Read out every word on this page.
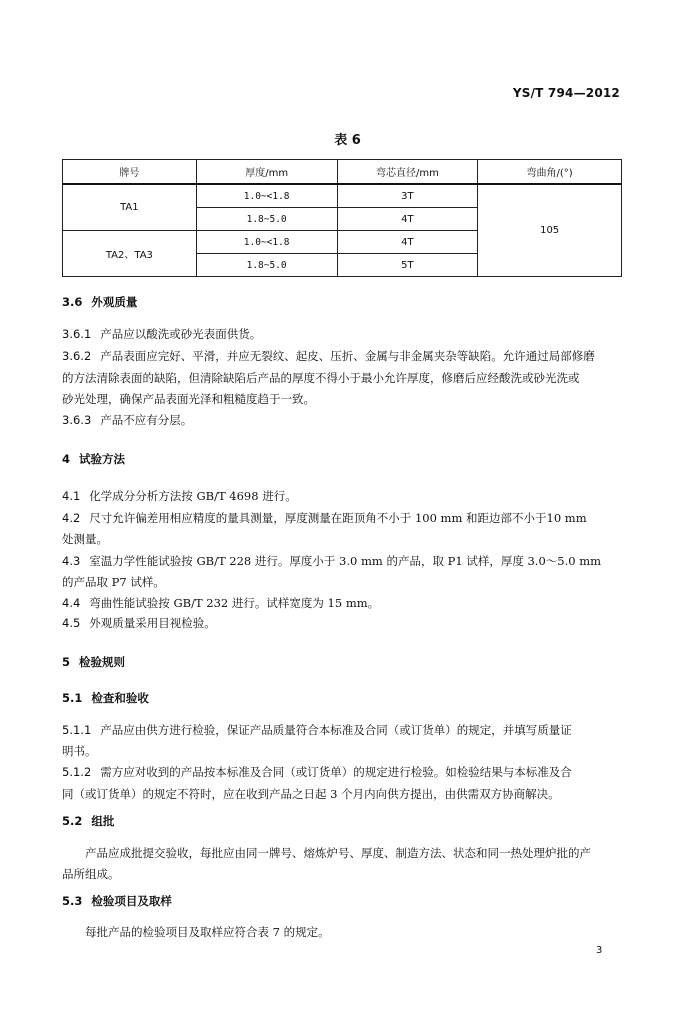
YS/T 794—2012
表 6
牌号	厚度/mm	弯芯直径/mm	弯曲角/(°)
TA1	1.0~<1.8	3T	105
	1.8~5.0	4T	
TA2、TA3	1.0~<1.8	4T	
	1.8~5.0	5T	
3.6 外观质量
3.6.1 产品应以酸洗或砂光表面供货。
3.6.2 产品表面应完好、平滑，并应无裂纹、起皮、压折、金属与非金属夹杂等缺陷。允许通过局部修磨
的方法清除表面的缺陷，但清除缺陷后产品的厚度不得小于最小允许厚度，修磨后应经酸洗或砂光洗或
砂光处理，确保产品表面光泽和粗糙度趋于一致。
3.6.3 产品不应有分层。
4 试验方法
4.1 化学成分分析方法按 GB/T 4698 进行。
4.2 尺寸允许偏差用相应精度的量具测量，厚度测量在距顶角不小于 100 mm 和距边部不小于10 mm
处测量。
4.3 室温力学性能试验按 GB/T 228 进行。厚度小于 3.0 mm 的产品，取 P1 试样，厚度 3.0～5.0 mm
的产品取 P7 试样。
4.4 弯曲性能试验按 GB/T 232 进行。试样宽度为 15 mm。
4.5 外观质量采用目视检验。
5 检验规则
5.1 检查和验收
5.1.1 产品应由供方进行检验，保证产品质量符合本标准及合同（或订货单）的规定，并填写质量证
明书。
5.1.2 需方应对收到的产品按本标准及合同（或订货单）的规定进行检验。如检验结果与本标准及合
同（或订货单）的规定不符时，应在收到产品之日起 3 个月内向供方提出，由供需双方协商解决。
5.2 组批
产品应成批提交验收，每批应由同一牌号、熔炼炉号、厚度、制造方法、状态和同一热处理炉批的产
品所组成。
5.3 检验项目及取样
每批产品的检验项目及取样应符合表 7 的规定。
3
